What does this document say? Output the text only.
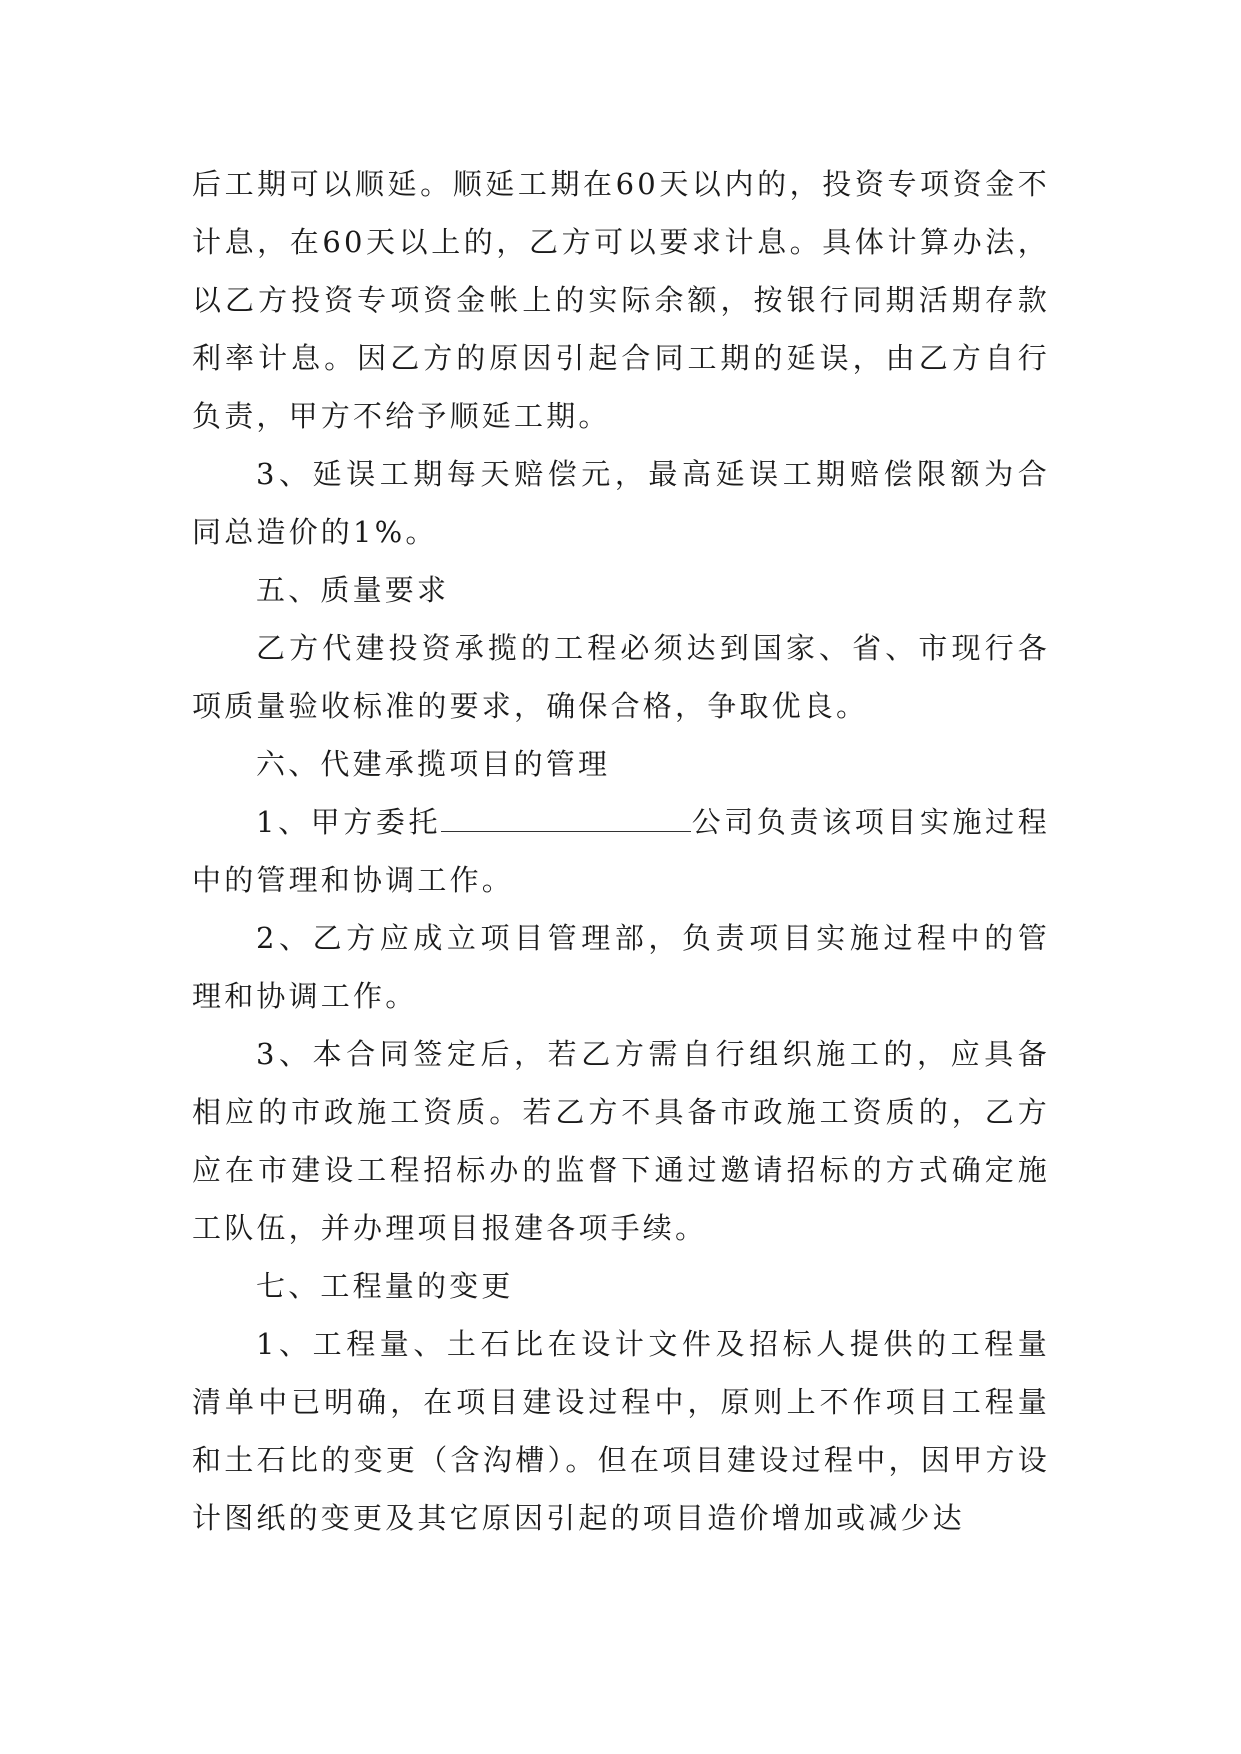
后工期可以顺延。顺延工期在60天以内的，投资专项资金不计息，在60天以上的，乙方可以要求计息。具体计算办法，以乙方投资专项资金帐上的实际余额，按银行同期活期存款利率计息。因乙方的原因引起合同工期的延误，由乙方自行负责，甲方不给予顺延工期。

3、延误工期每天赔偿元，最高延误工期赔偿限额为合同总造价的1%。

五、质量要求

乙方代建投资承揽的工程必须达到国家、省、市现行各项质量验收标准的要求，确保合格，争取优良。

六、代建承揽项目的管理

1、甲方委托	公司负责该项目实施过程中的管理和协调工作。

2、乙方应成立项目管理部，负责项目实施过程中的管理和协调工作。

3、本合同签定后，若乙方需自行组织施工的，应具备相应的市政施工资质。若乙方不具备市政施工资质的，乙方应在市建设工程招标办的监督下通过邀请招标的方式确定施工队伍，并办理项目报建各项手续。

七、工程量的变更

1、工程量、土石比在设计文件及招标人提供的工程量清单中已明确，在项目建设过程中，原则上不作项目工程量和土石比的变更（含沟槽）。但在项目建设过程中，因甲方设计图纸的变更及其它原因引起的项目造价增加或减少达
